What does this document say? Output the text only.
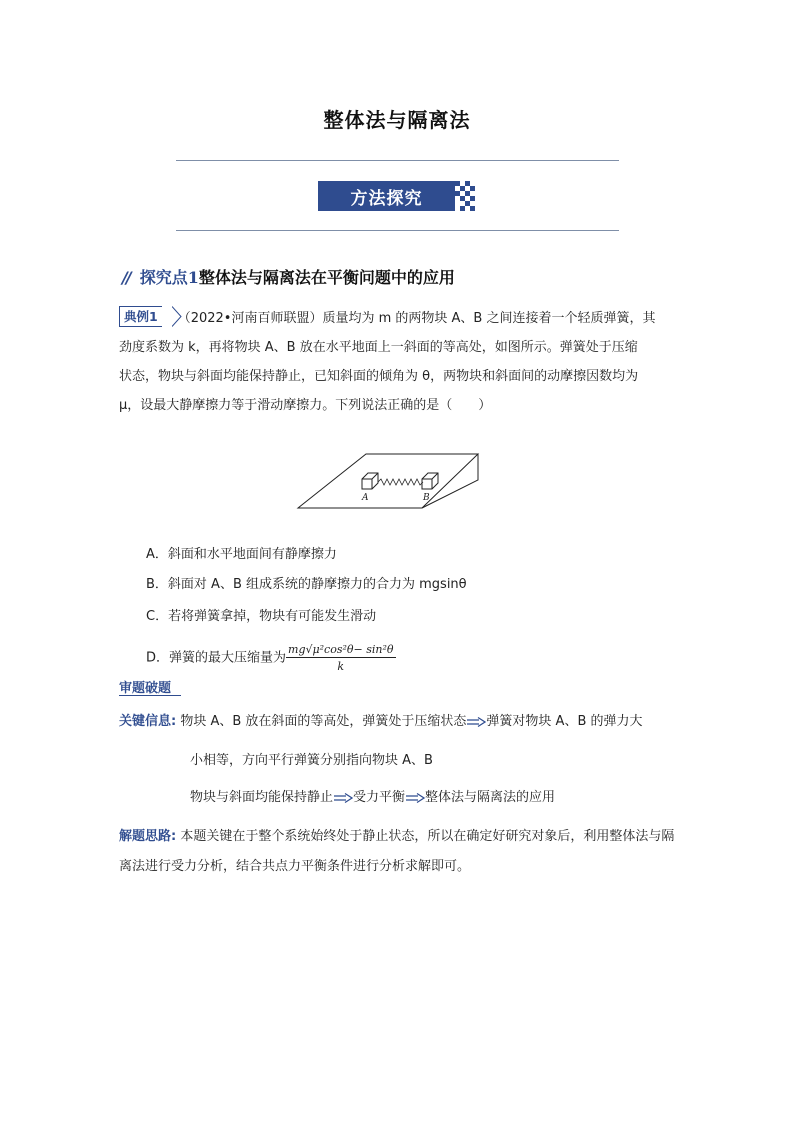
整体法与隔离法
方法探究
// 探究点1整体法与隔离法在平衡问题中的应用
典例1 （2022•河南百师联盟）质量均为 m 的两物块 A、B 之间连接着一个轻质弹簧，其
劲度系数为 k，再将物块 A、B 放在水平地面上一斜面的等高处，如图所示。弹簧处于压缩
状态，物块与斜面均能保持静止，已知斜面的倾角为 θ，两物块和斜面间的动摩擦因数均为
μ，设最大静摩擦力等于滑动摩擦力。下列说法正确的是（　　）
A	B
A．斜面和水平地面间有静摩擦力
B．斜面对 A、B 组成系统的静摩擦力的合力为 mgsinθ
C．若将弹簧拿掉，物块有可能发生滑动
D．弹簧的最大压缩量为 $\frac{\text{mg√μ²cos²θ− sin²θ}}{k}$
审题破题
关键信息: 物块 A、B 放在斜面的等高处，弹簧处于压缩状态 弹簧对物块 A、B 的弹力大
小相等，方向平行弹簧分别指向物块 A、B
物块与斜面均能保持静止 受力平衡 整体法与隔离法的应用
解题思路: 本题关键在于整个系统始终处于静止状态，所以在确定好研究对象后，利用整体法与隔离法进行受力分析，结合共点力平衡条件进行分析求解即可。
